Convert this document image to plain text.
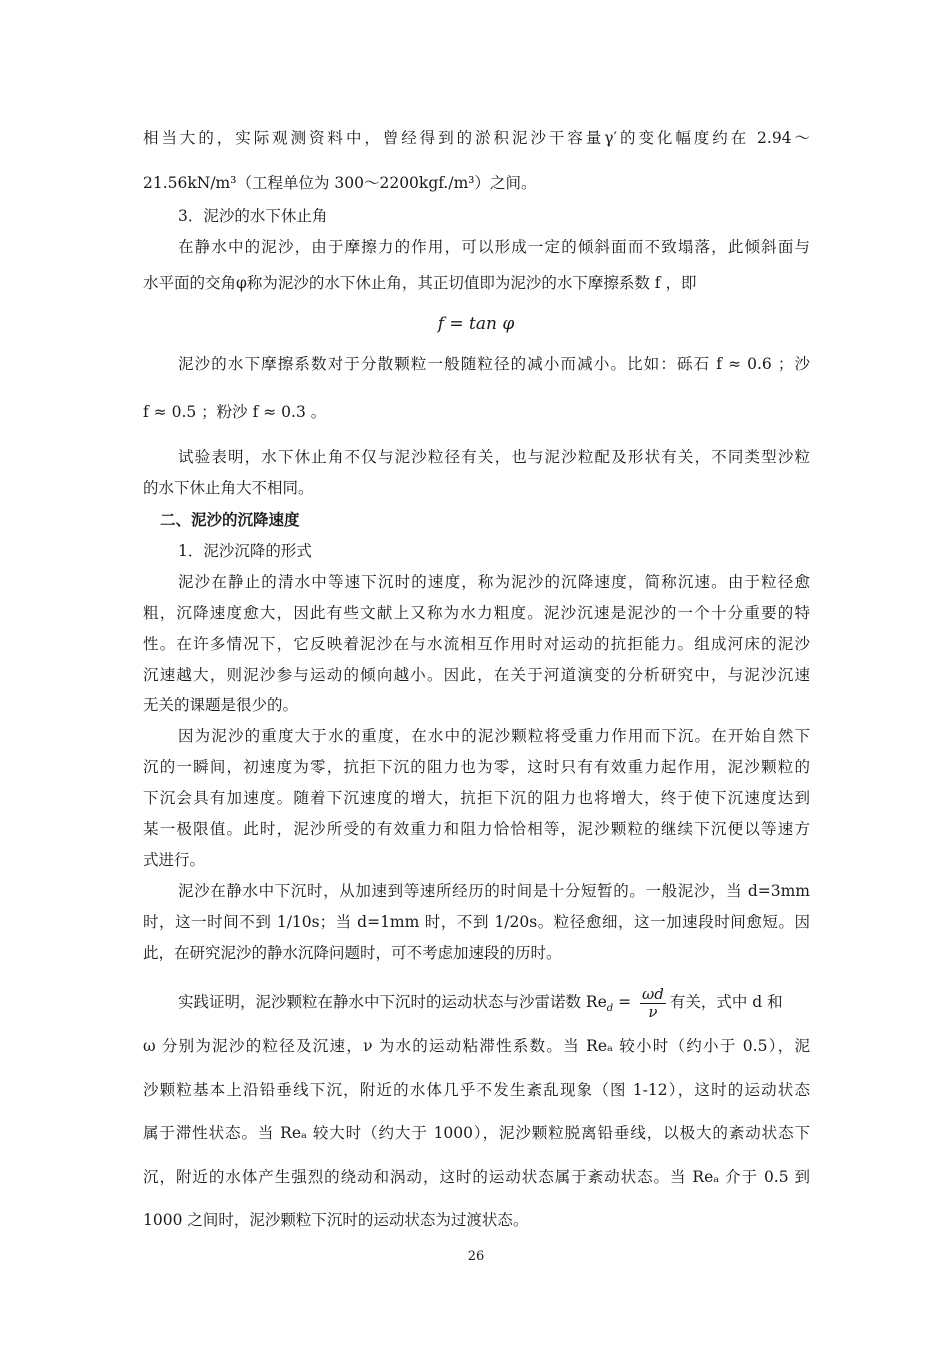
相当大的，实际观测资料中，曾经得到的淤积泥沙干容量γ′的变化幅度约在 2.94～
21.56kN/m³（工程单位为 300～2200kgf./m³）之间。
3．泥沙的水下休止角
在静水中的泥沙，由于摩擦力的作用，可以形成一定的倾斜面而不致塌落，此倾斜面与
水平面的交角φ称为泥沙的水下休止角，其正切值即为泥沙的水下摩擦系数 f ，即
f = tan φ
泥沙的水下摩擦系数对于分散颗粒一般随粒径的减小而减小。比如：砾石 f ≈ 0.6 ；沙
f ≈ 0.5 ；粉沙 f ≈ 0.3 。
试验表明，水下休止角不仅与泥沙粒径有关，也与泥沙粒配及形状有关，不同类型沙粒
的水下休止角大不相同。
二、泥沙的沉降速度
1．泥沙沉降的形式
泥沙在静止的清水中等速下沉时的速度，称为泥沙的沉降速度，简称沉速。由于粒径愈
粗，沉降速度愈大，因此有些文献上又称为水力粗度。泥沙沉速是泥沙的一个十分重要的特
性。在许多情况下，它反映着泥沙在与水流相互作用时对运动的抗拒能力。组成河床的泥沙
沉速越大，则泥沙参与运动的倾向越小。因此，在关于河道演变的分析研究中，与泥沙沉速
无关的课题是很少的。
因为泥沙的重度大于水的重度，在水中的泥沙颗粒将受重力作用而下沉。在开始自然下
沉的一瞬间，初速度为零，抗拒下沉的阻力也为零，这时只有有效重力起作用，泥沙颗粒的
下沉会具有加速度。随着下沉速度的增大，抗拒下沉的阻力也将增大，终于使下沉速度达到
某一极限值。此时，泥沙所受的有效重力和阻力恰恰相等，泥沙颗粒的继续下沉便以等速方
式进行。
泥沙在静水中下沉时，从加速到等速所经历的时间是十分短暂的。一般泥沙，当 d=3mm
时，这一时间不到 1/10s；当 d=1mm 时，不到 1/20s。粒径愈细，这一加速段时间愈短。因
此，在研究泥沙的静水沉降问题时，可不考虑加速段的历时。
实践证明，泥沙颗粒在静水中下沉时的运动状态与沙雷诺数 $Re_d = \frac{\omega d}{\nu}$ 有关，式中 d 和
ω 分别为泥沙的粒径及沉速，ν 为水的运动粘滞性系数。当 Reₐ 较小时（约小于 0.5），泥
沙颗粒基本上沿铅垂线下沉，附近的水体几乎不发生紊乱现象（图 1-12），这时的运动状态
属于滞性状态。当 Reₐ 较大时（约大于 1000），泥沙颗粒脱离铅垂线，以极大的紊动状态下
沉，附近的水体产生强烈的绕动和涡动，这时的运动状态属于紊动状态。当 Reₐ 介于 0.5 到
1000 之间时，泥沙颗粒下沉时的运动状态为过渡状态。
26
